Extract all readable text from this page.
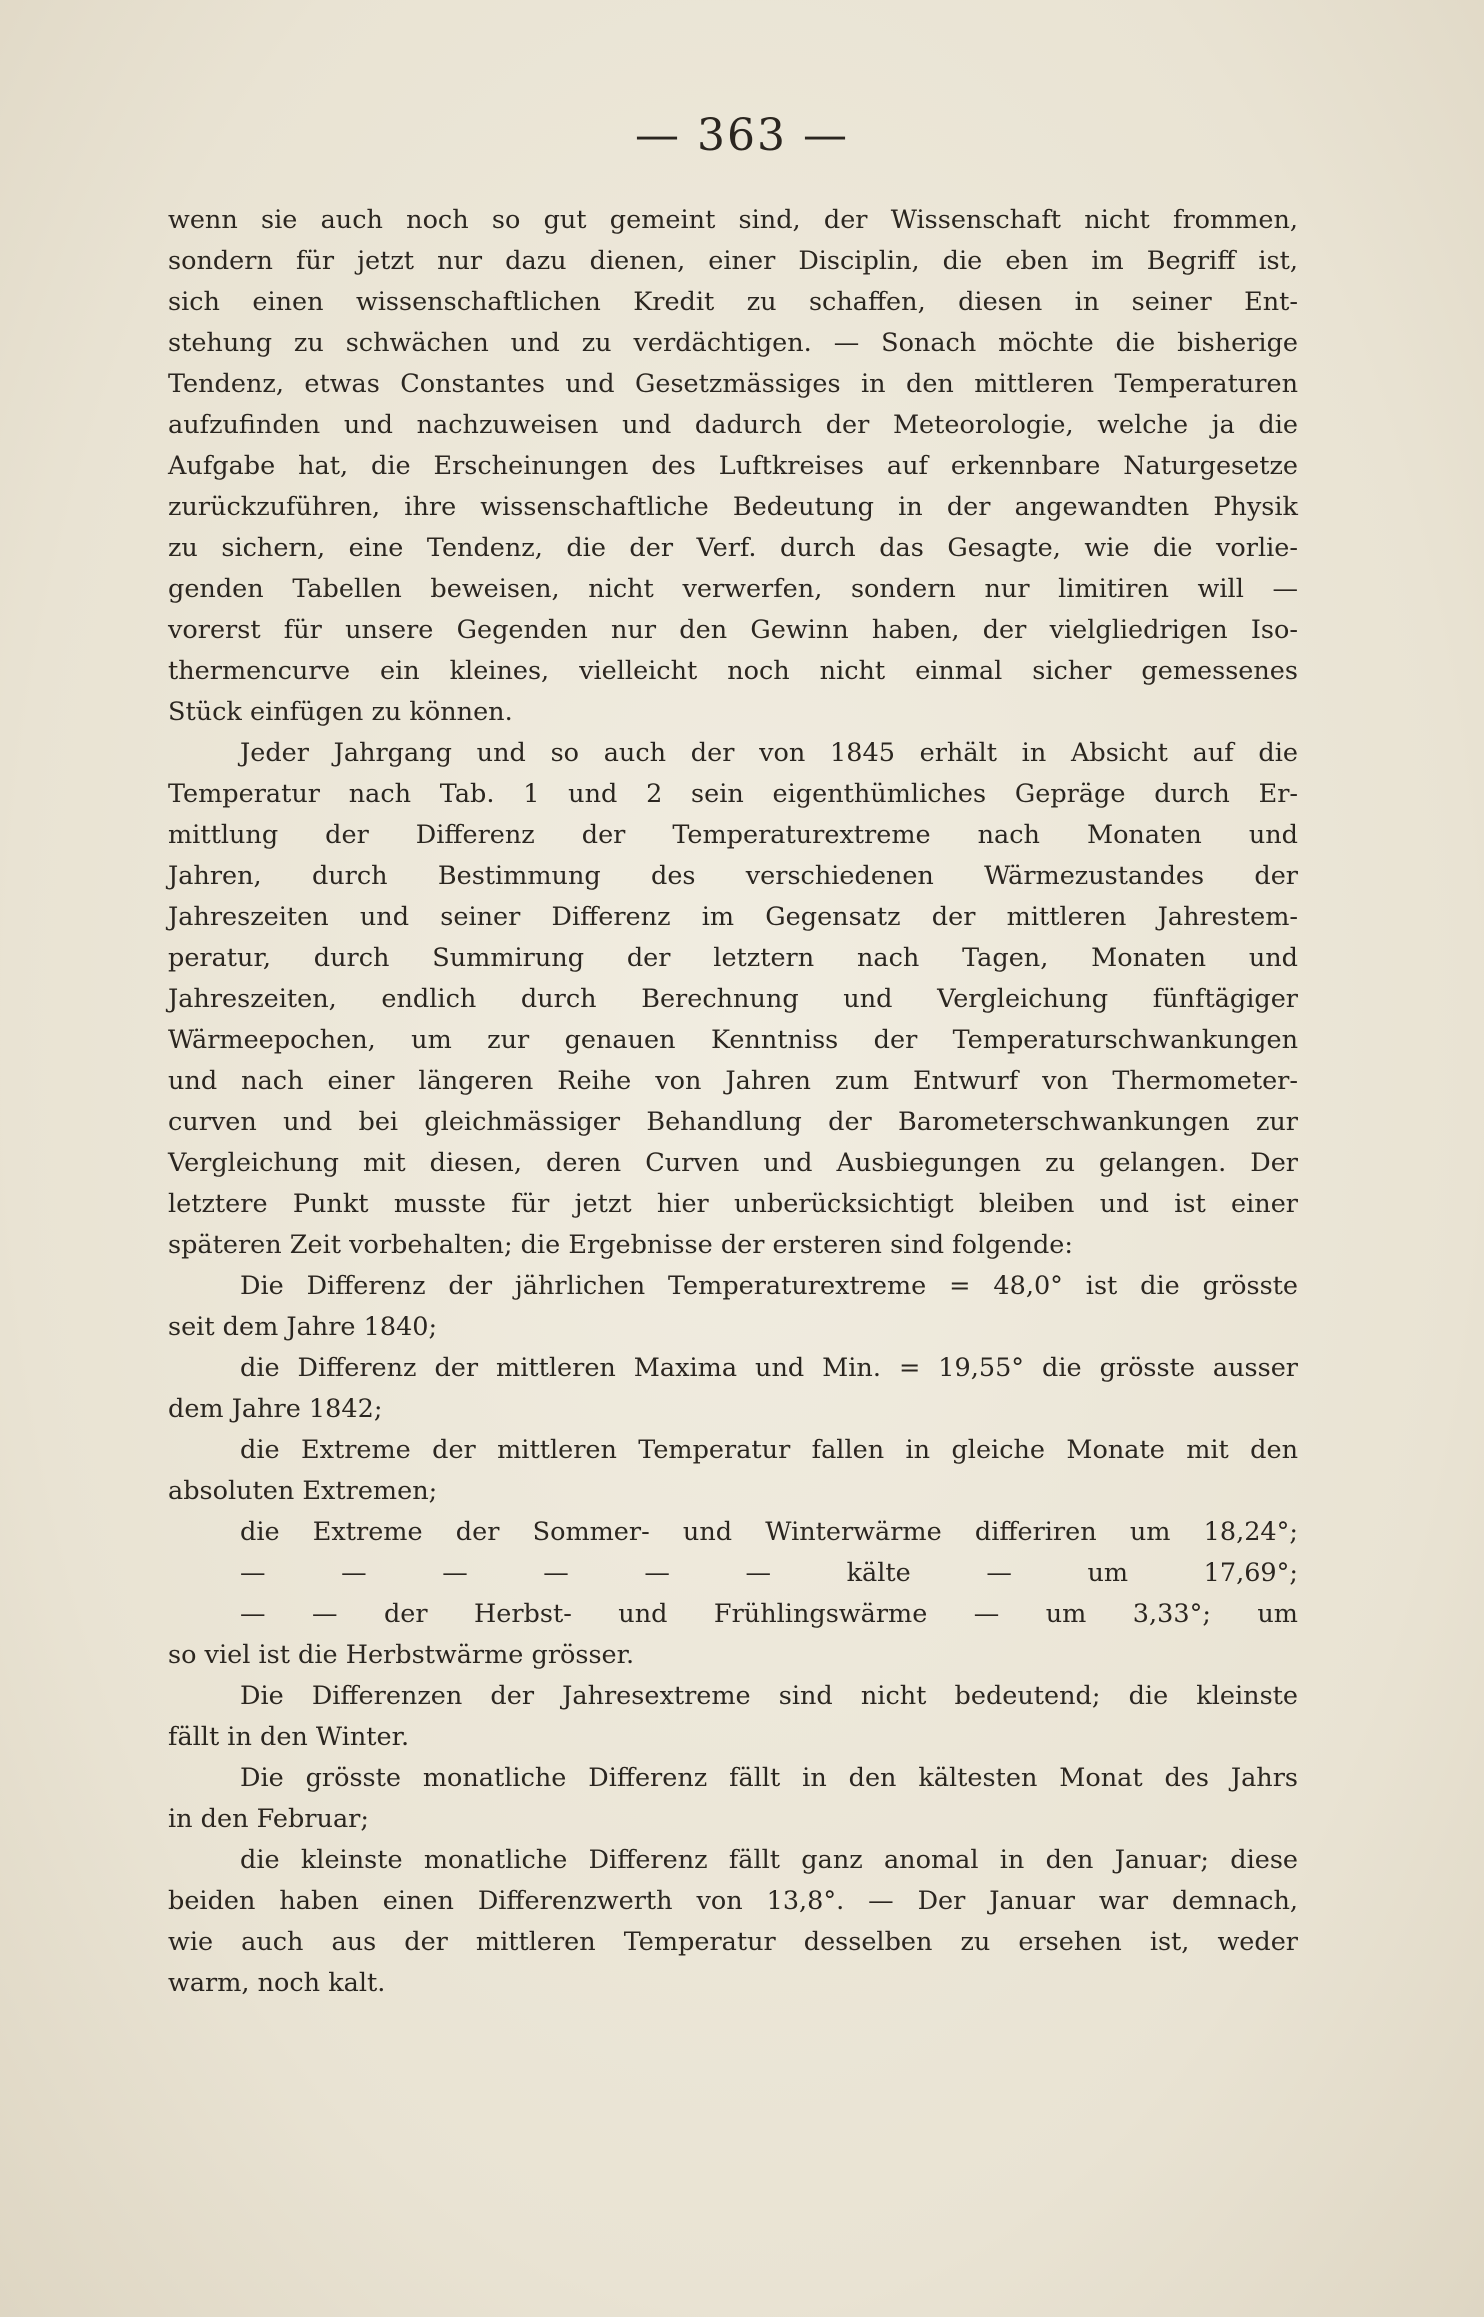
— 363 —
wenn sie auch noch so gut gemeint sind, der Wissenschaft nicht frommen,
sondern für jetzt nur dazu dienen, einer Disciplin, die eben im Begriff ist,
sich einen wissenschaftlichen Kredit zu schaffen, diesen in seiner Ent-
stehung zu schwächen und zu verdächtigen. — Sonach möchte die bisherige
Tendenz, etwas Constantes und Gesetzmässiges in den mittleren Temperaturen
aufzufinden und nachzuweisen und dadurch der Meteorologie, welche ja die
Aufgabe hat, die Erscheinungen des Luftkreises auf erkennbare Naturgesetze
zurückzuführen, ihre wissenschaftliche Bedeutung in der angewandten Physik
zu sichern, eine Tendenz, die der Verf. durch das Gesagte, wie die vorlie-
genden Tabellen beweisen, nicht verwerfen, sondern nur limitiren will —
vorerst für unsere Gegenden nur den Gewinn haben, der vielgliedrigen Iso-
thermencurve ein kleines, vielleicht noch nicht einmal sicher gemessenes
Stück einfügen zu können.
Jeder Jahrgang und so auch der von 1845 erhält in Absicht auf die
Temperatur nach Tab. 1 und 2 sein eigenthümliches Gepräge durch Er-
mittlung der Differenz der Temperaturextreme nach Monaten und
Jahren, durch Bestimmung des verschiedenen Wärmezustandes der
Jahreszeiten und seiner Differenz im Gegensatz der mittleren Jahrestem-
peratur, durch Summirung der letztern nach Tagen, Monaten und
Jahreszeiten, endlich durch Berechnung und Vergleichung fünftägiger
Wärmeepochen, um zur genauen Kenntniss der Temperaturschwankungen
und nach einer längeren Reihe von Jahren zum Entwurf von Thermometer-
curven und bei gleichmässiger Behandlung der Barometerschwankungen zur
Vergleichung mit diesen, deren Curven und Ausbiegungen zu gelangen. Der
letztere Punkt musste für jetzt hier unberücksichtigt bleiben und ist einer
späteren Zeit vorbehalten; die Ergebnisse der ersteren sind folgende:
Die Differenz der jährlichen Temperaturextreme = 48,0° ist die grösste
seit dem Jahre 1840;
die Differenz der mittleren Maxima und Min. = 19,55° die grösste ausser
dem Jahre 1842;
die Extreme der mittleren Temperatur fallen in gleiche Monate mit den
absoluten Extremen;
die Extreme der Sommer- und Winterwärme differiren um 18,24°;
— — — — — — kälte — um 17,69°;
— — der Herbst- und Frühlingswärme — um 3,33°; um
so viel ist die Herbstwärme grösser.
Die Differenzen der Jahresextreme sind nicht bedeutend; die kleinste
fällt in den Winter.
Die grösste monatliche Differenz fällt in den kältesten Monat des Jahrs
in den Februar;
die kleinste monatliche Differenz fällt ganz anomal in den Januar; diese
beiden haben einen Differenzwerth von 13,8°. — Der Januar war demnach,
wie auch aus der mittleren Temperatur desselben zu ersehen ist, weder
warm, noch kalt.
